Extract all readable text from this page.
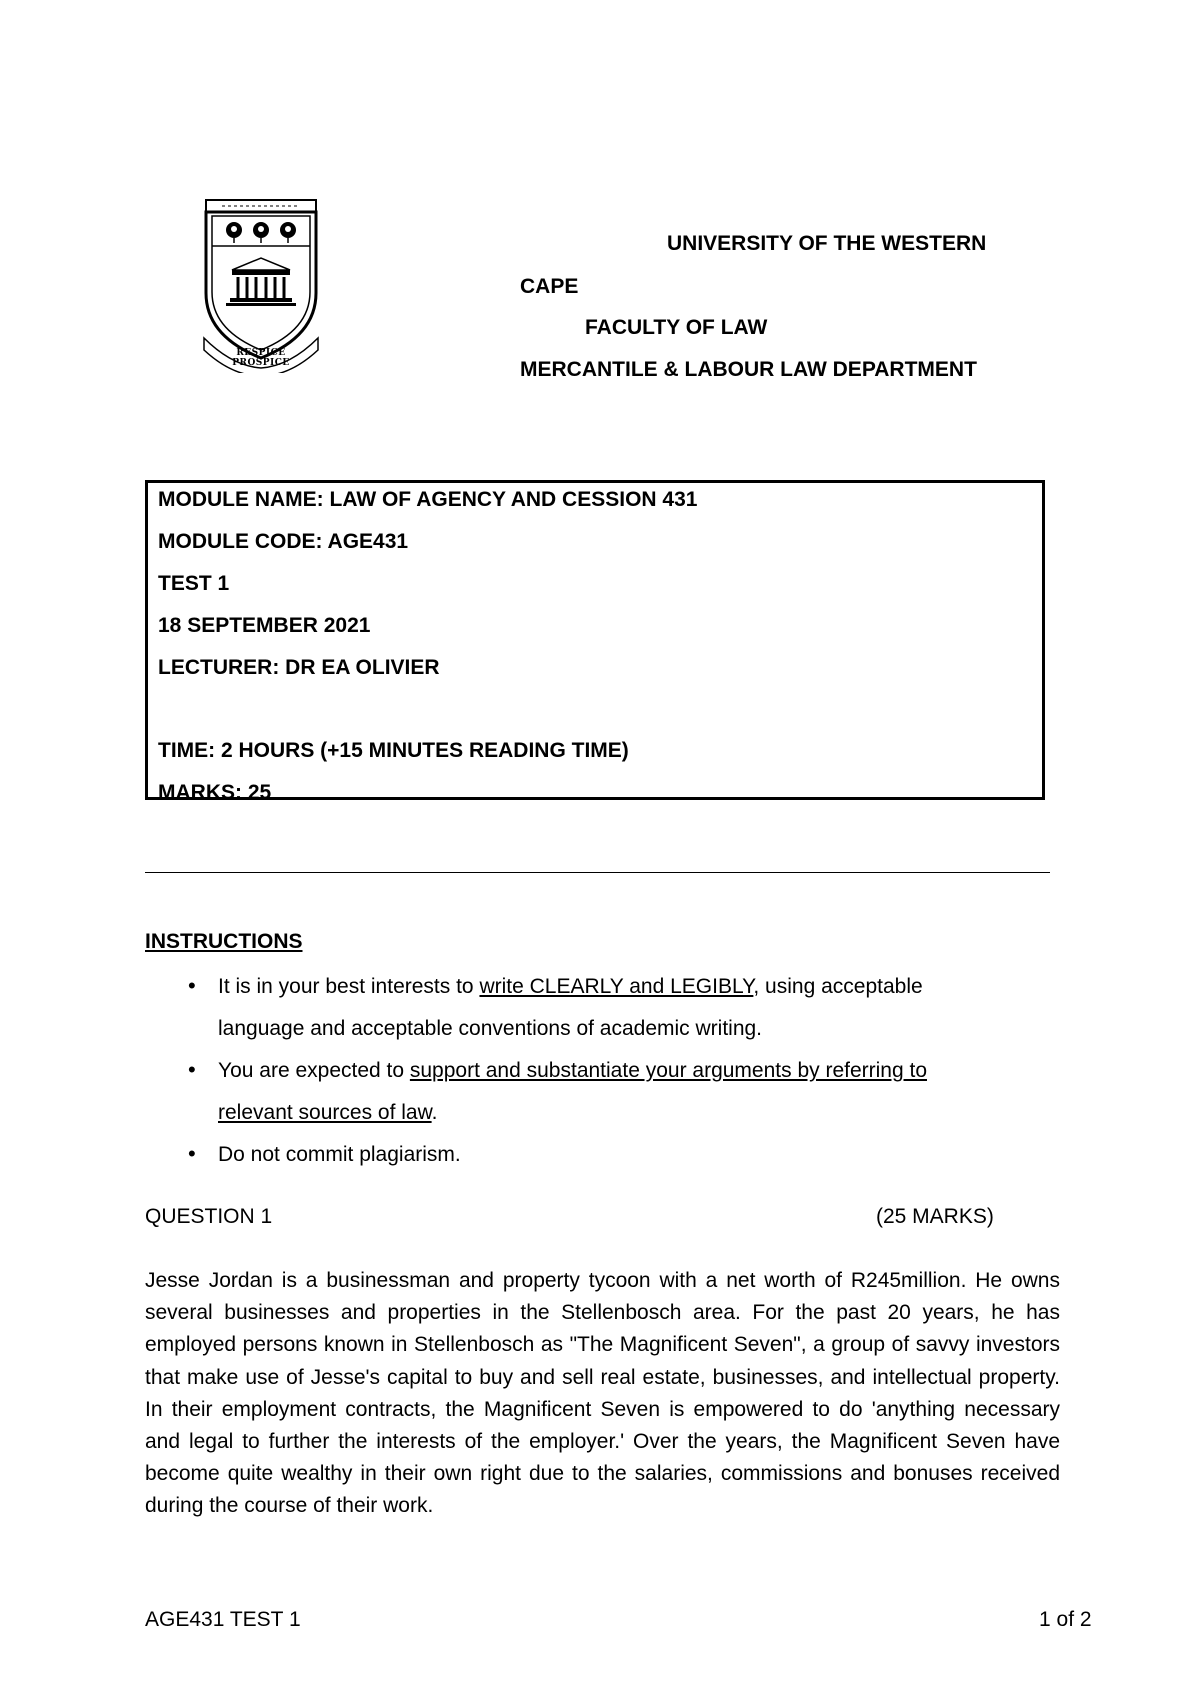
RESPICE PROSPICE
UNIVERSITY OF THE WESTERN
CAPE
FACULTY OF LAW
MERCANTILE & LABOUR LAW DEPARTMENT
MODULE NAME: LAW OF AGENCY AND CESSION 431
MODULE CODE: AGE431
TEST 1
18 SEPTEMBER 2021
LECTURER: DR EA OLIVIER
TIME: 2 HOURS (+15 MINUTES READING TIME)
MARKS: 25
INSTRUCTIONS
• It is in your best interests to write CLEARLY and LEGIBLY, using acceptable
language and acceptable conventions of academic writing.
• You are expected to support and substantiate your arguments by referring to
relevant sources of law.
• Do not commit plagiarism.
QUESTION 1	(25 MARKS)

Jesse Jordan is a businessman and property tycoon with a net worth of R245million. He owns several businesses and properties in the Stellenbosch area. For the past 20 years, he has employed persons known in Stellenbosch as "The Magnificent Seven", a group of savvy investors that make use of Jesse's capital to buy and sell real estate, businesses, and intellectual property. In their employment contracts, the Magnificent Seven is empowered to do 'anything necessary and legal to further the interests of the employer.' Over the years, the Magnificent Seven have become quite wealthy in their own right due to the salaries, commissions and bonuses received during the course of their work.

AGE431 TEST 1	1 of 2
